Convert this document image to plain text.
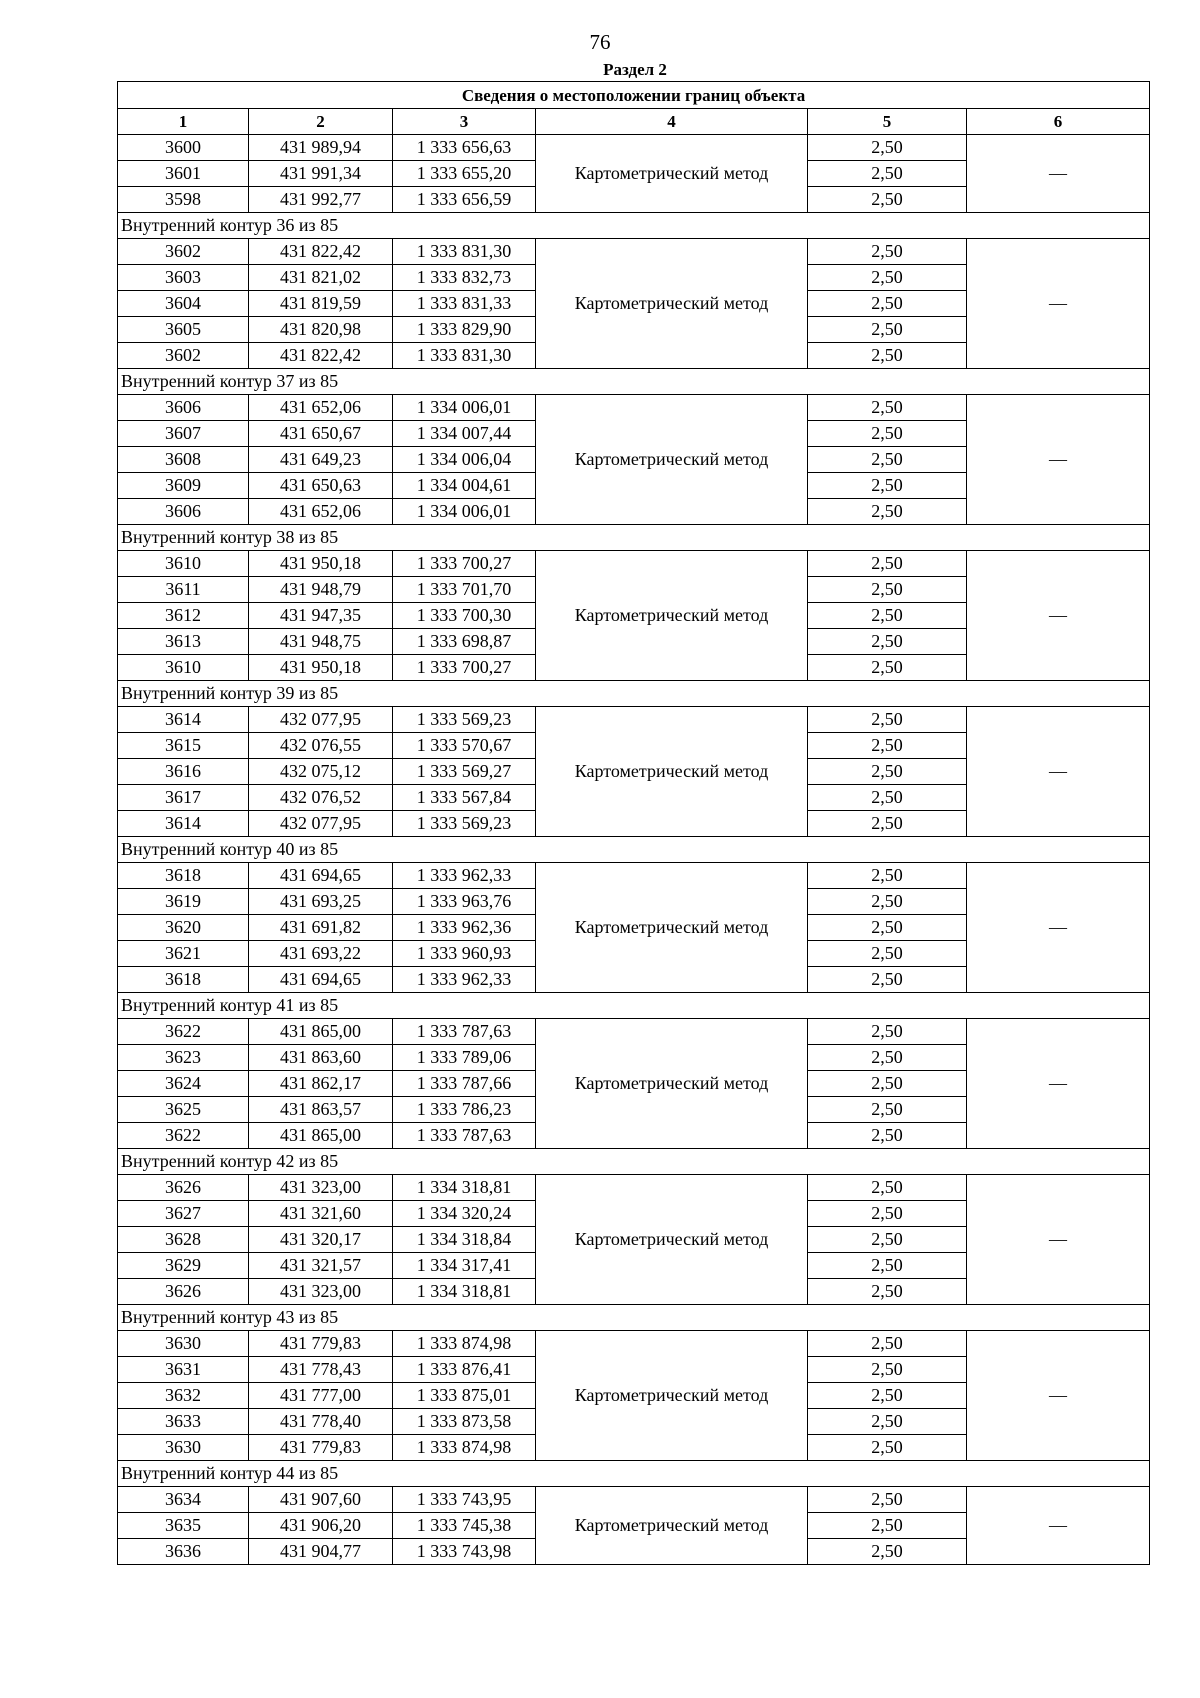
76
Раздел 2
Сведения о местоположении границ объекта					
1	2	3	4	5	6
3600	431 989,94	1 333 656,63	Картометрический метод	2,50	—
3601	431 991,34	1 333 655,20		2,50	
3598	431 992,77	1 333 656,59		2,50	
Внутренний контур 36 из 85					
3602	431 822,42	1 333 831,30	Картометрический метод	2,50	—
3603	431 821,02	1 333 832,73		2,50	
3604	431 819,59	1 333 831,33		2,50	
3605	431 820,98	1 333 829,90		2,50	
3602	431 822,42	1 333 831,30		2,50	
Внутренний контур 37 из 85					
3606	431 652,06	1 334 006,01	Картометрический метод	2,50	—
3607	431 650,67	1 334 007,44		2,50	
3608	431 649,23	1 334 006,04		2,50	
3609	431 650,63	1 334 004,61		2,50	
3606	431 652,06	1 334 006,01		2,50	
Внутренний контур 38 из 85					
3610	431 950,18	1 333 700,27	Картометрический метод	2,50	—
3611	431 948,79	1 333 701,70		2,50	
3612	431 947,35	1 333 700,30		2,50	
3613	431 948,75	1 333 698,87		2,50	
3610	431 950,18	1 333 700,27		2,50	
Внутренний контур 39 из 85					
3614	432 077,95	1 333 569,23	Картометрический метод	2,50	—
3615	432 076,55	1 333 570,67		2,50	
3616	432 075,12	1 333 569,27		2,50	
3617	432 076,52	1 333 567,84		2,50	
3614	432 077,95	1 333 569,23		2,50	
Внутренний контур 40 из 85					
3618	431 694,65	1 333 962,33	Картометрический метод	2,50	—
3619	431 693,25	1 333 963,76		2,50	
3620	431 691,82	1 333 962,36		2,50	
3621	431 693,22	1 333 960,93		2,50	
3618	431 694,65	1 333 962,33		2,50	
Внутренний контур 41 из 85					
3622	431 865,00	1 333 787,63	Картометрический метод	2,50	—
3623	431 863,60	1 333 789,06		2,50	
3624	431 862,17	1 333 787,66		2,50	
3625	431 863,57	1 333 786,23		2,50	
3622	431 865,00	1 333 787,63		2,50	
Внутренний контур 42 из 85					
3626	431 323,00	1 334 318,81	Картометрический метод	2,50	—
3627	431 321,60	1 334 320,24		2,50	
3628	431 320,17	1 334 318,84		2,50	
3629	431 321,57	1 334 317,41		2,50	
3626	431 323,00	1 334 318,81		2,50	
Внутренний контур 43 из 85					
3630	431 779,83	1 333 874,98	Картометрический метод	2,50	—
3631	431 778,43	1 333 876,41		2,50	
3632	431 777,00	1 333 875,01		2,50	
3633	431 778,40	1 333 873,58		2,50	
3630	431 779,83	1 333 874,98		2,50	
Внутренний контур 44 из 85					
3634	431 907,60	1 333 743,95	Картометрический метод	2,50	—
3635	431 906,20	1 333 745,38		2,50	
3636	431 904,77	1 333 743,98		2,50	
